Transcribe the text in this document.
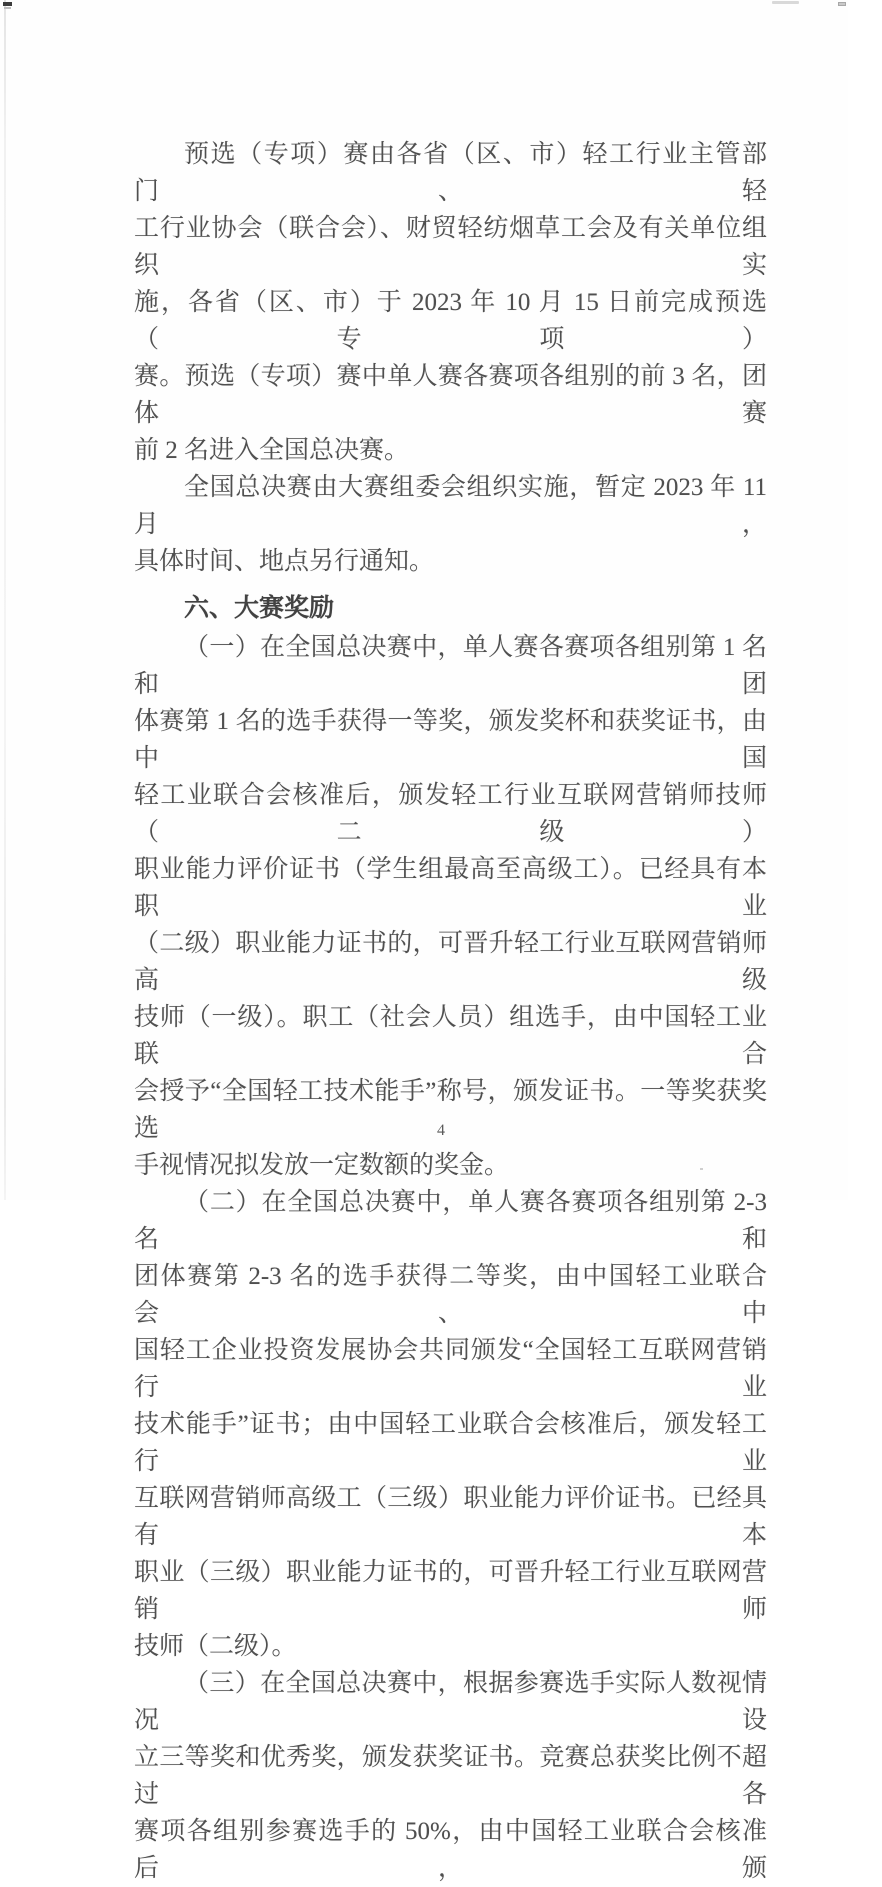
预选（专项）赛由各省（区、市）轻工行业主管部门、轻
工行业协会（联合会）、财贸轻纺烟草工会及有关单位组织实
施，各省（区、市）于 2023 年 10 月 15 日前完成预选（专项）
赛。预选（专项）赛中单人赛各赛项各组别的前 3 名，团体赛
前 2 名进入全国总决赛。
全国总决赛由大赛组委会组织实施，暂定 2023 年 11 月，
具体时间、地点另行通知。
六、大赛奖励
（一）在全国总决赛中，单人赛各赛项各组别第 1 名和团
体赛第 1 名的选手获得一等奖，颁发奖杯和获奖证书，由中国
轻工业联合会核准后，颁发轻工行业互联网营销师技师（二级）
职业能力评价证书（学生组最高至高级工）。已经具有本职业
（二级）职业能力证书的，可晋升轻工行业互联网营销师高级
技师（一级）。职工（社会人员）组选手，由中国轻工业联合
会授予“全国轻工技术能手”称号，颁发证书。一等奖获奖选
手视情况拟发放一定数额的奖金。
（二）在全国总决赛中，单人赛各赛项各组别第 2-3 名和
团体赛第 2-3 名的选手获得二等奖，由中国轻工业联合会、中
国轻工企业投资发展协会共同颁发“全国轻工互联网营销行业
技术能手”证书；由中国轻工业联合会核准后，颁发轻工行业
互联网营销师高级工（三级）职业能力评价证书。已经具有本
职业（三级）职业能力证书的，可晋升轻工行业互联网营销师
技师（二级）。
（三）在全国总决赛中，根据参赛选手实际人数视情况设
立三等奖和优秀奖，颁发获奖证书。竞赛总获奖比例不超过各
赛项各组别参赛选手的 50%，由中国轻工业联合会核准后，颁
4
